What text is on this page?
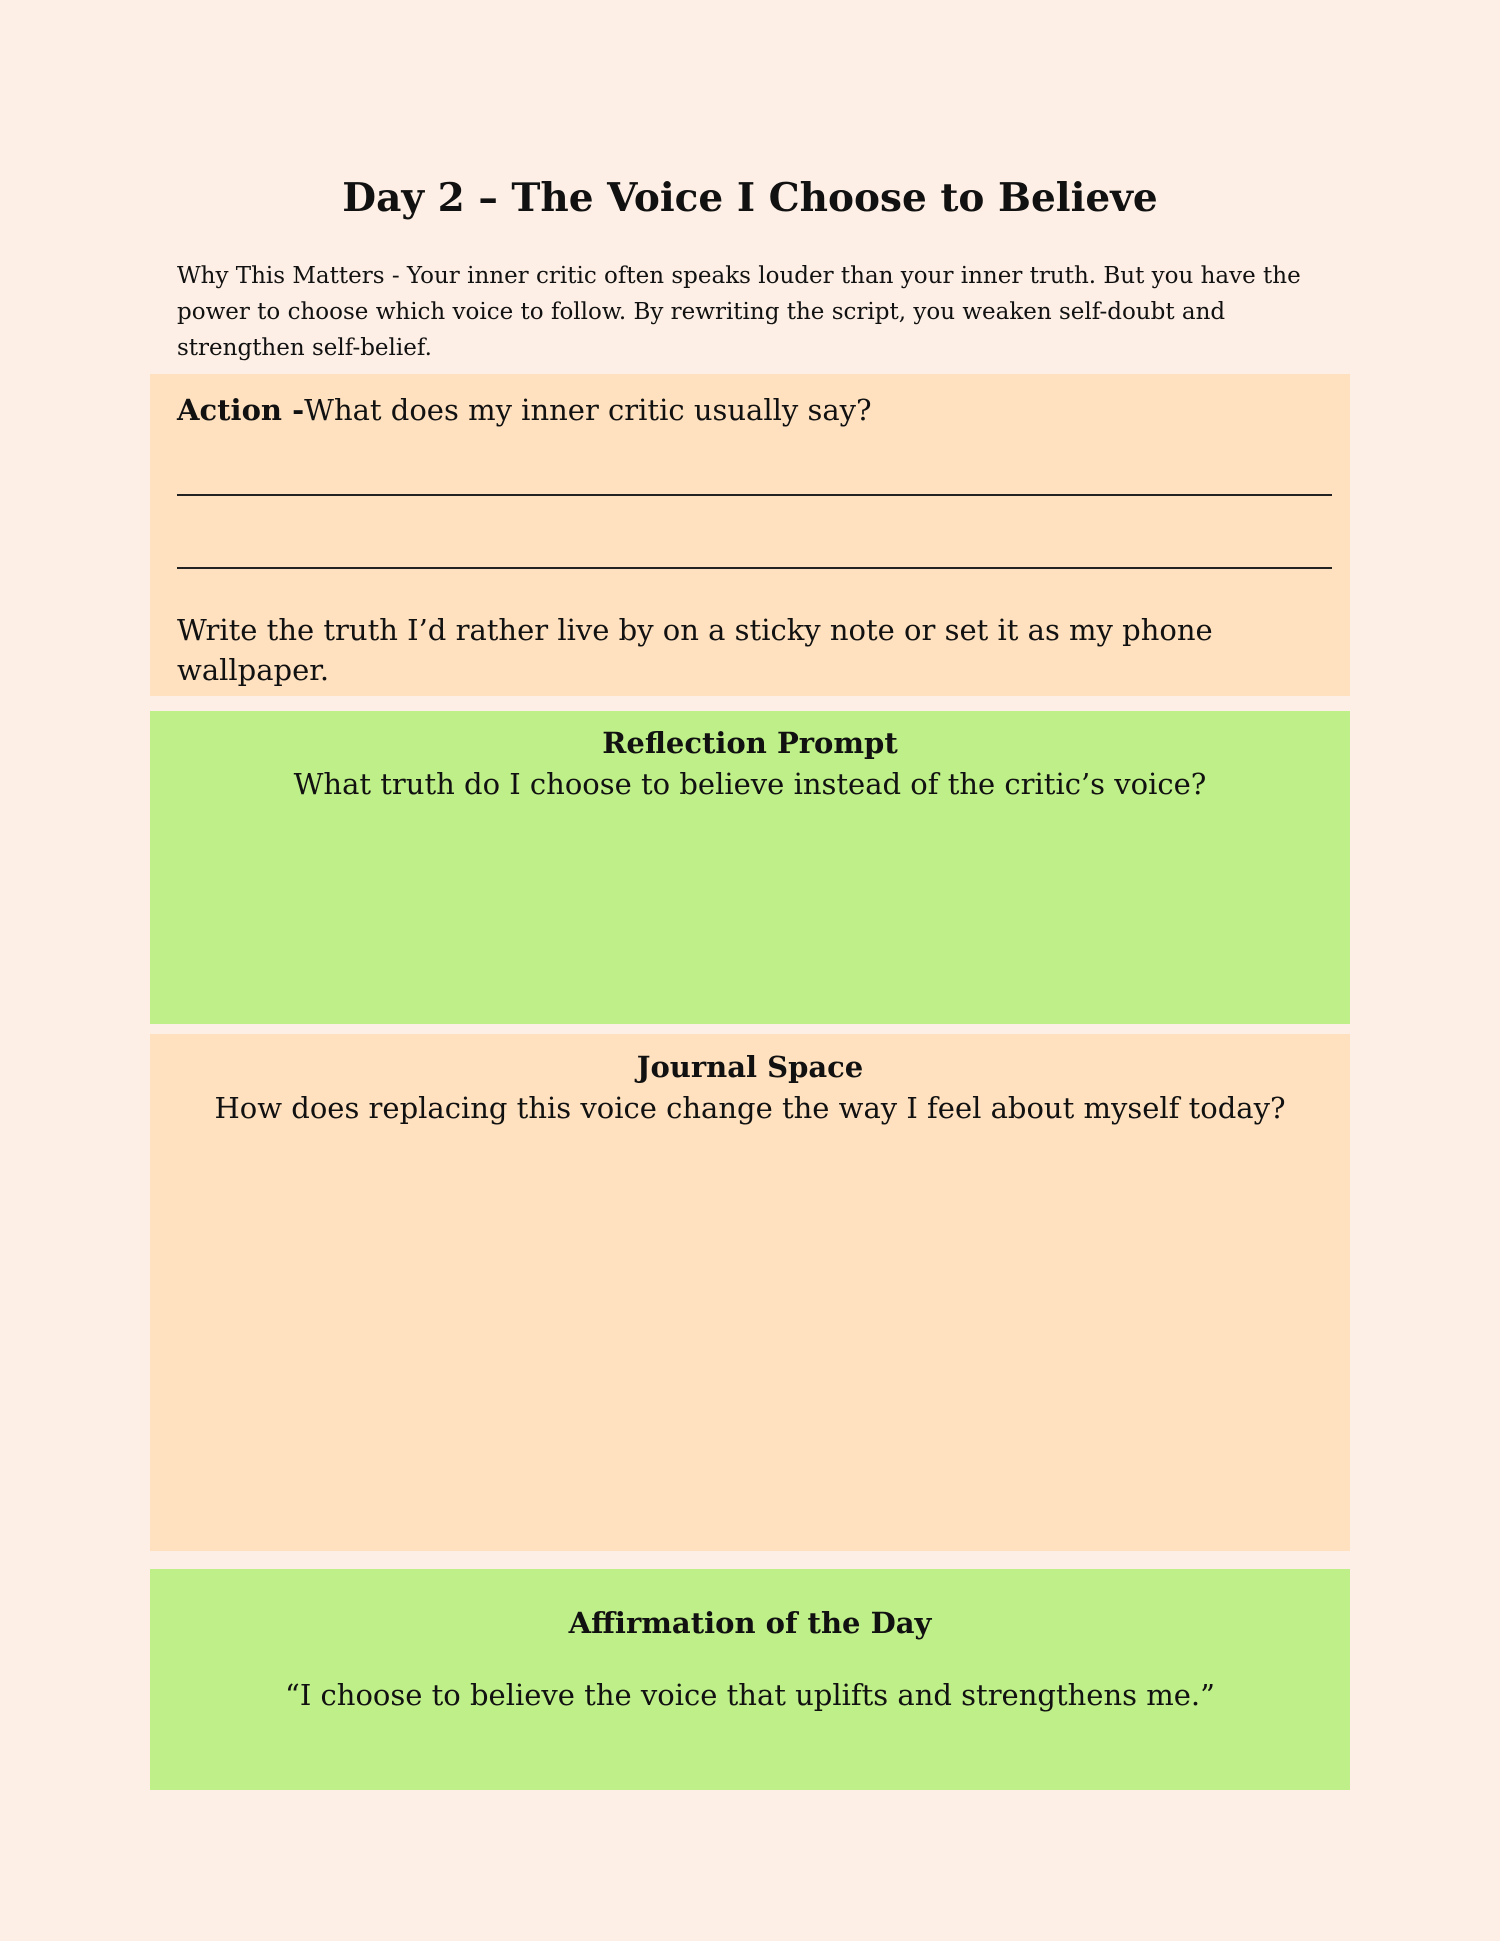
Day 2 – The Voice I Choose to Believe

Why This Matters - Your inner critic often speaks louder than your inner truth. But you have the power to choose which voice to follow. By rewriting the script, you weaken self-doubt and strengthen self-belief.

Action -What does my inner critic usually say?

Write the truth I’d rather live by on a sticky note or set it as my phone wallpaper.

Reflection Prompt

What truth do I choose to believe instead of the critic’s voice?

Journal Space

How does replacing this voice change the way I feel about myself today?

Affirmation of the Day

“I choose to believe the voice that uplifts and strengthens me.”
